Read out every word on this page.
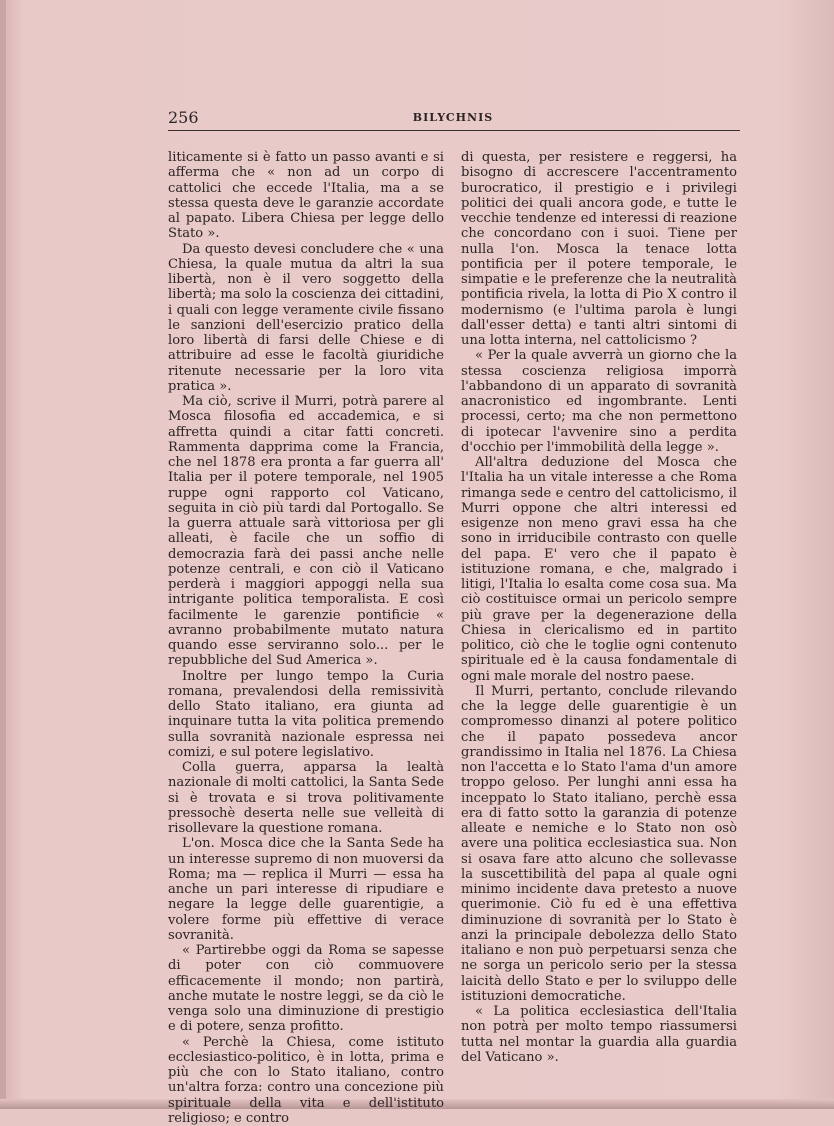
256	BILYCHNIS

liticamente si è fatto un passo avanti e si afferma che « non ad un corpo di cattolici che eccede l'Italia, ma a se stessa questa deve le garanzie accordate al papato. Libera Chiesa per legge dello Stato ».

Da questo devesi concludere che « una Chiesa, la quale mutua da altri la sua libertà, non è il vero soggetto della libertà; ma solo la coscienza dei cittadini, i quali con legge veramente civile fissano le sanzioni dell'esercizio pratico della loro libertà di farsi delle Chiese e di attribuire ad esse le facoltà giuridiche ritenute necessarie per la loro vita pratica ».

Ma ciò, scrive il Murri, potrà parere al Mosca filosofia ed accademica, e si affretta quindi a citar fatti concreti. Rammenta dapprima come la Francia, che nel 1878 era pronta a far guerra all' Italia per il potere temporale, nel 1905 ruppe ogni rapporto col Vaticano, seguita in ciò più tardi dal Portogallo. Se la guerra attuale sarà vittoriosa per gli alleati, è facile che un soffio di democrazia farà dei passi anche nelle potenze centrali, e con ciò il Vaticano perderà i maggiori appoggi nella sua intrigante politica temporalista. E così facilmente le garenzie pontificie « avranno probabilmente mutato natura quando esse serviranno solo... per le repubbliche del Sud America ».

Inoltre per lungo tempo la Curia romana, prevalendosi della remissività dello Stato italiano, era giunta ad inquinare tutta la vita politica premendo sulla sovranità nazionale espressa nei comizi, e sul potere legislativo.

Colla guerra, apparsa la lealtà nazionale di molti cattolici, la Santa Sede si è trovata e si trova politivamente pressochè deserta nelle sue velleità di risollevare la questione romana.

L'on. Mosca dice che la Santa Sede ha un interesse supremo di non muoversi da Roma; ma — replica il Murri — essa ha anche un pari interesse di ripudiare e negare la legge delle guarentigie, a volere forme più effettive di verace sovranità.

« Partirebbe oggi da Roma se sapesse di poter con ciò commuovere efficacemente il mondo; non partirà, anche mutate le nostre leggi, se da ciò le venga solo una diminuzione di prestigio e di potere, senza profitto.

« Perchè la Chiesa, come istituto ecclesiastico-politico, è in lotta, prima e più che con lo Stato italiano, contro un'altra forza: contro una concezione più spirituale della vita e dell'istituto religioso; e contro

di questa, per resistere e reggersi, ha bisogno di accrescere l'accentramento burocratico, il prestigio e i privilegi politici dei quali ancora gode, e tutte le vecchie tendenze ed interessi di reazione che concordano con i suoi. Tiene per nulla l'on. Mosca la tenace lotta pontificia per il potere temporale, le simpatie e le preferenze che la neutralità pontificia rivela, la lotta di Pio X contro il modernismo (e l'ultima parola è lungi dall'esser detta) e tanti altri sintomi di una lotta interna, nel cattolicismo ?

« Per la quale avverrà un giorno che la stessa coscienza religiosa imporrà l'abbandono di un apparato di sovranità anacronistico ed ingombrante. Lenti processi, certo; ma che non permettono di ipotecar l'avvenire sino a perdita d'occhio per l'immobilità della legge ».

All'altra deduzione del Mosca che l'Italia ha un vitale interesse a che Roma rimanga sede e centro del cattolicismo, il Murri oppone che altri interessi ed esigenze non meno gravi essa ha che sono in irriducibile contrasto con quelle del papa. E' vero che il papato è istituzione romana, e che, malgrado i litigi, l'Italia lo esalta come cosa sua. Ma ciò costituisce ormai un pericolo sempre più grave per la degenerazione della Chiesa in clericalismo ed in partito politico, ciò che le toglie ogni contenuto spirituale ed è la causa fondamentale di ogni male morale del nostro paese.

Il Murri, pertanto, conclude rilevando che la legge delle guarentigie è un compromesso dinanzi al potere politico che il papato possedeva ancor grandissimo in Italia nel 1876. La Chiesa non l'accetta e lo Stato l'ama d'un amore troppo geloso. Per lunghi anni essa ha inceppato lo Stato italiano, perchè essa era di fatto sotto la garanzia di potenze alleate e nemiche e lo Stato non osò avere una politica ecclesiastica sua. Non si osava fare atto alcuno che sollevasse la suscettibilità del papa al quale ogni minimo incidente dava pretesto a nuove querimonie. Ciò fu ed è una effettiva diminuzione di sovranità per lo Stato è anzi la principale debolezza dello Stato italiano e non può perpetuarsi senza che ne sorga un pericolo serio per la stessa laicità dello Stato e per lo sviluppo delle istituzioni democratiche.

« La politica ecclesiastica dell'Italia non potrà per molto tempo riassumersi tutta nel montar la guardia alla guardia del Vaticano ».
